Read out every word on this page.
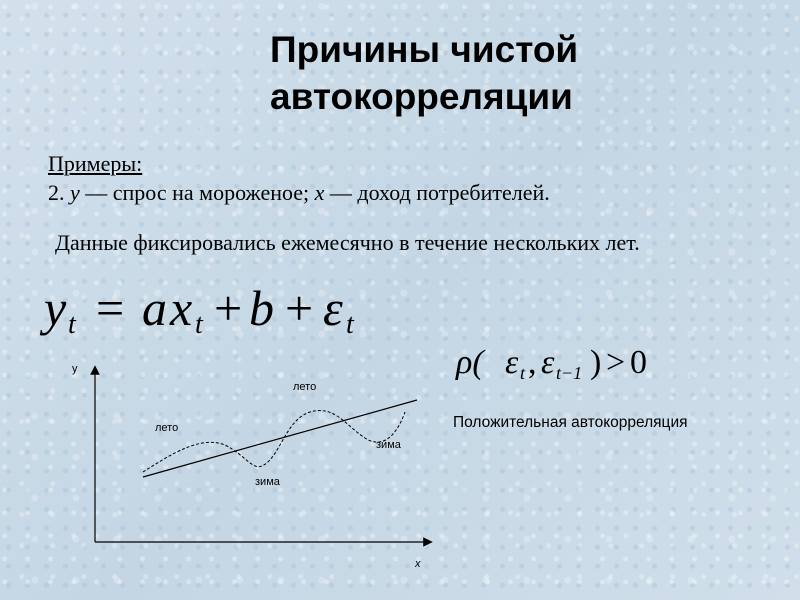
Причины чистой
автокорреляции
Примеры:
2. y — спрос на мороженое; x — доход потребителей.
Данные фиксировались ежемесячно в течение нескольких лет.
y t = a x t + b + ε t
ρ( ε t , ε t−1 ) > 0
Положительная автокорреляция
y
x
лето
лето
зима
зима
